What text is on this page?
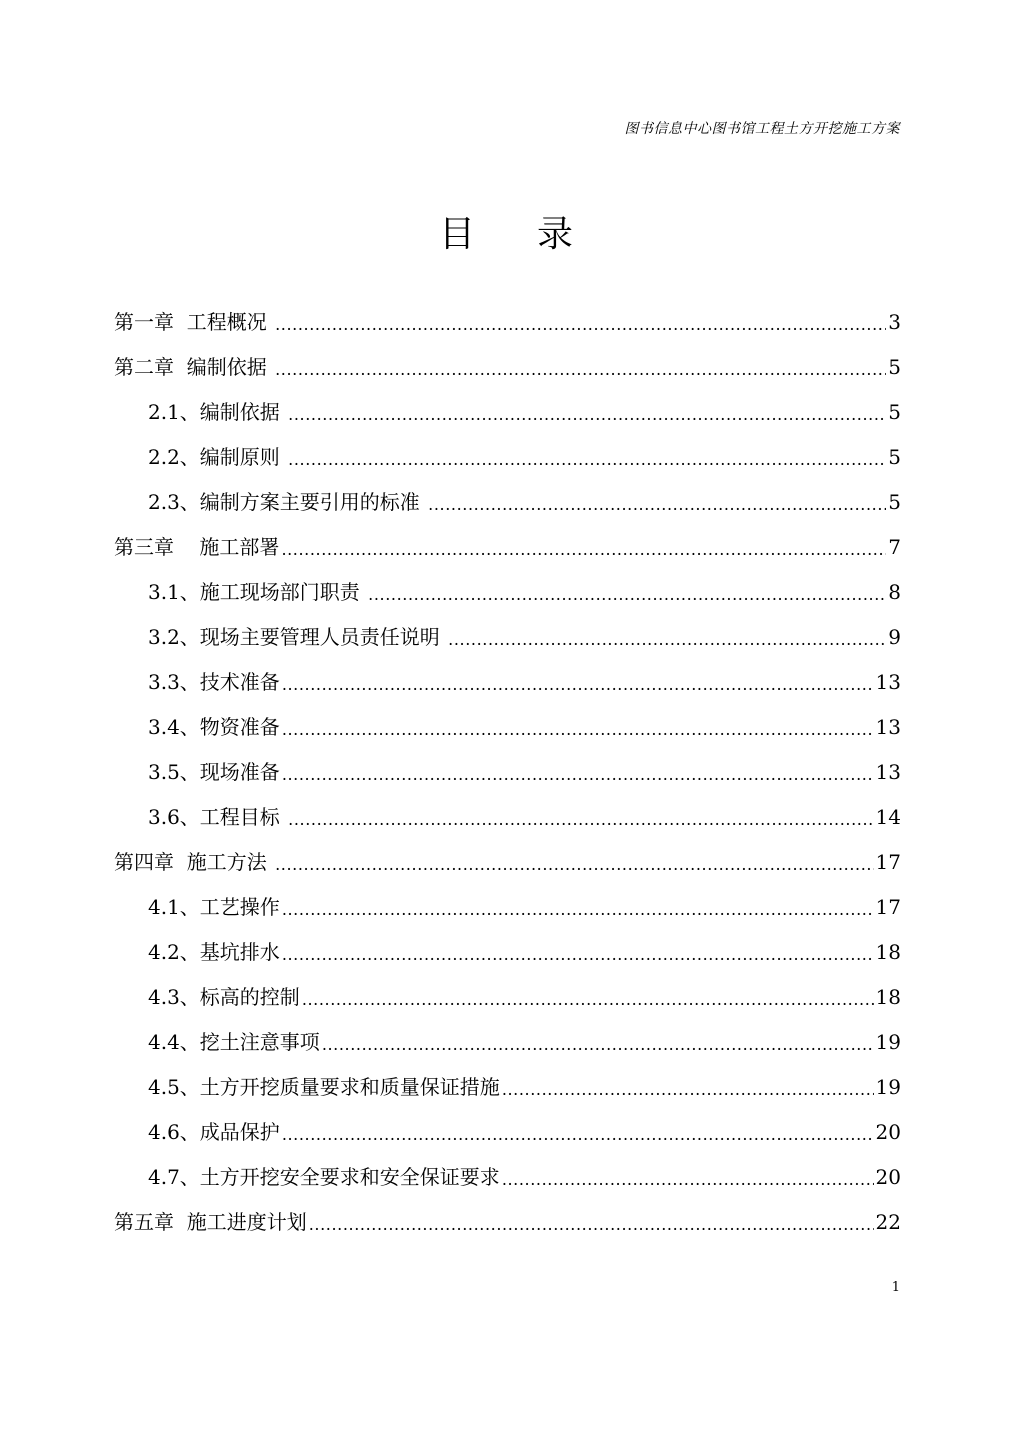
图书信息中心图书馆工程土方开挖施工方案
目 录
第一章  工程概况 .....	3
第二章  编制依据 .....	5
2.1、编制依据 .....	5
2.2、编制原则 .....	5
2.3、编制方案主要引用的标准 .....	5
第三章    施工部署 .....	7
3.1、施工现场部门职责 .....	8
3.2、现场主要管理人员责任说明 .....	9
3.3、技术准备 .....	13
3.4、物资准备 .....	13
3.5、现场准备 .....	13
3.6、工程目标 .....	14
第四章  施工方法 .....	17
4.1、工艺操作 .....	17
4.2、基坑排水 .....	18
4.3、标高的控制 .....	18
4.4、挖土注意事项 .....	19
4.5、土方开挖质量要求和质量保证措施 .....	19
4.6、成品保护 .....	20
4.7、土方开挖安全要求和安全保证要求 .....	20
第五章  施工进度计划 .....	22
1
